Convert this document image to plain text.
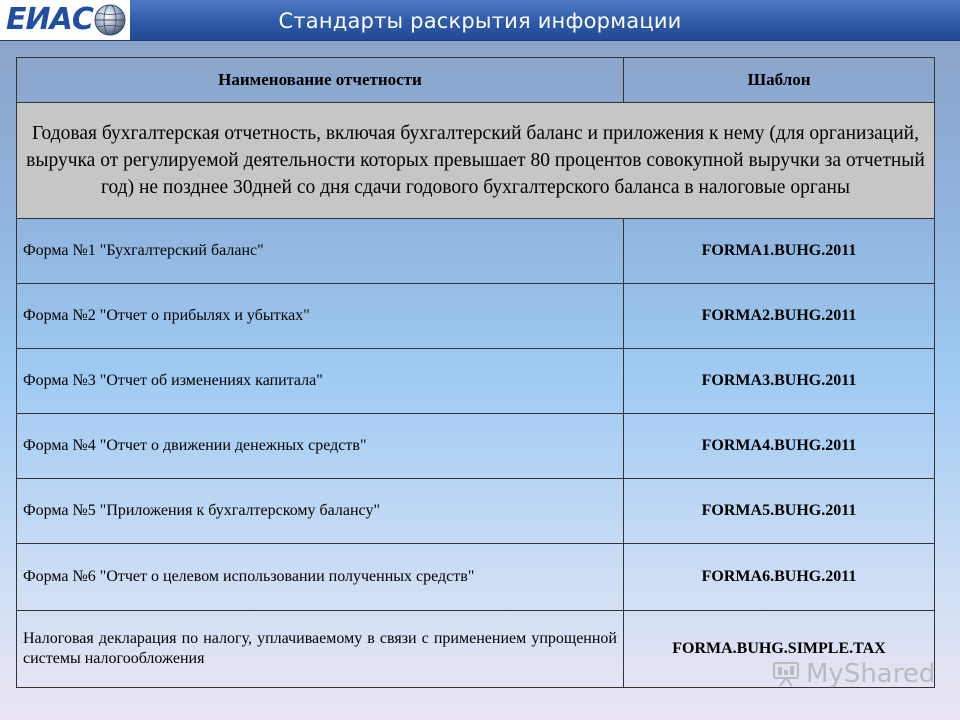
ЕИАС	Стандарты раскрытия информации
Наименование отчетности	Шаблон
Годовая бухгалтерская отчетность, включая бухгалтерский баланс и приложения к нему (для организаций, выручка от регулируемой деятельности которых превышает 80 процентов совокупной выручки за отчетный год) не позднее 30дней со дня сдачи годового бухгалтерского баланса в налоговые органы	
Форма №1 "Бухгалтерский баланс"	FORMA1.BUHG.2011
Форма №2 "Отчет о прибылях и убытках"	FORMA2.BUHG.2011
Форма №3 "Отчет об изменениях капитала"	FORMA3.BUHG.2011
Форма №4 "Отчет о движении денежных средств"	FORMA4.BUHG.2011
Форма №5 "Приложения к бухгалтерскому балансу"	FORMA5.BUHG.2011
Форма №6 "Отчет о целевом использовании полученных средств"	FORMA6.BUHG.2011
Налоговая декларация по налогу, уплачиваемому в связи с применением упрощенной системы налогообложения	FORMA.BUHG.SIMPLE.TAX
MyShared
